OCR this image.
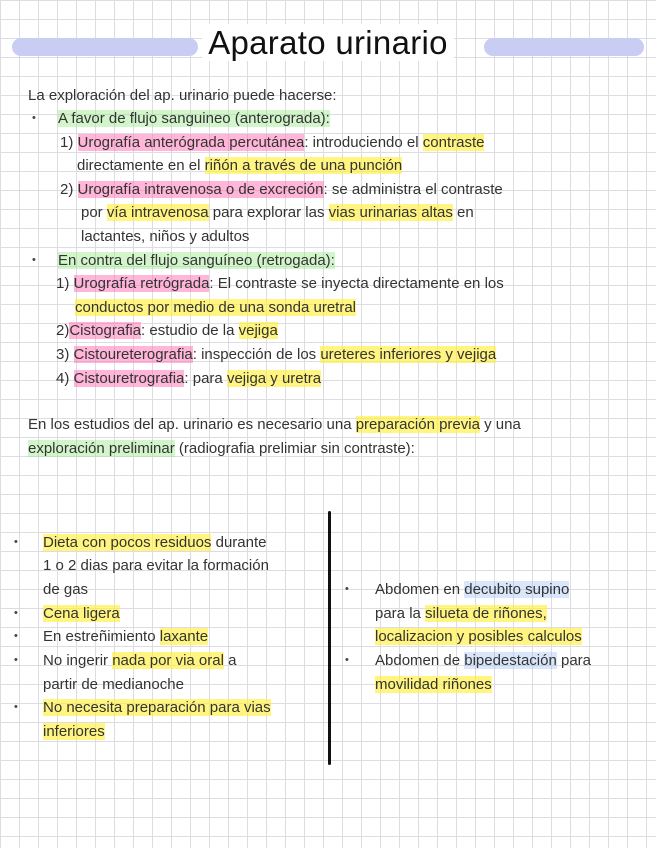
Aparato urinario
La exploración del ap. urinario puede hacerse:
• A favor de flujo sanguineo (anterograda):
1) Urografía anterógrada percutánea: introduciendo el contraste
directamente en el riñón a través de una punción
2) Urografía intravenosa o de excreción: se administra el contraste
por vía intravenosa para explorar las vias urinarias altas en
lactantes, niños y adultos
• En contra del flujo sanguíneo (retrogada):
1) Urografía retrógrada: El contraste se inyecta directamente en los
conductos por medio de una sonda uretral
2)Cistografia: estudio de la vejiga
3) Cistoureterografia: inspección de los ureteres inferiores y vejiga
4) Cistouretrografia: para vejiga y uretra
En los estudios del ap. urinario es necesario una preparación previa y una
exploración preliminar (radiografia prelimiar sin contraste):
• Dieta con pocos residuos durante
1 o 2 dias para evitar la formación
de gas
• Cena ligera
• En estreñimiento laxante
• No ingerir nada por via oral a
partir de medianoche
• No necesita preparación para vias
inferiores
• Abdomen en decubito supino
para la silueta de riñones,
localizacion y posibles calculos
• Abdomen de bipedestación para
movilidad riñones
